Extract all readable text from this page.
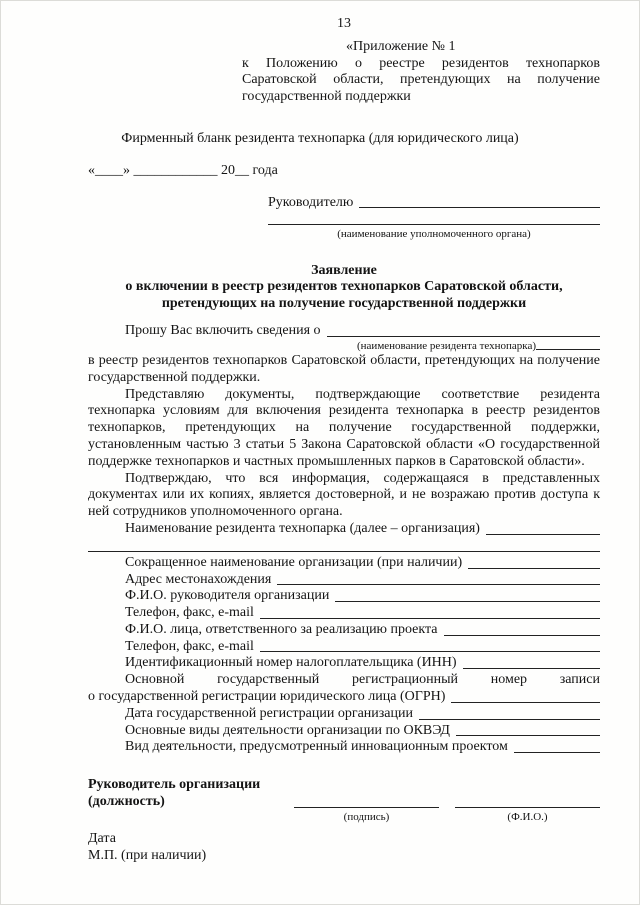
13
«Приложение № 1
к Положению о реестре резидентов технопарков Саратовской области, претендующих на получение государственной поддержки
Фирменный бланк резидента технопарка (для юридического лица)
«____» ____________ 20__ года
Руководителю
(наименование уполномоченного органа)
Заявление
о включении в реестр резидентов технопарков Саратовской области, претендующих на получение государственной поддержки
Прошу Вас включить сведения о
(наименование резидента технопарка)
в реестр резидентов технопарков Саратовской области, претендующих на получение государственной поддержки.
Представляю документы, подтверждающие соответствие резидента технопарка условиям для включения резидента технопарка в реестр резидентов технопарков, претендующих на получение государственной поддержки, установленным частью 3 статьи 5 Закона Саратовской области «О государственной поддержке технопарков и частных промышленных парков в Саратовской области».
Подтверждаю, что вся информация, содержащаяся в представленных документах или их копиях, является достоверной, и не возражаю против доступа к ней сотрудников уполномоченного органа.
Наименование резидента технопарка (далее – организация)
Сокращенное наименование организации (при наличии)
Адрес местонахождения
Ф.И.О. руководителя организации
Телефон, факс, e-mail
Ф.И.О. лица, ответственного за реализацию проекта
Телефон, факс, e-mail
Идентификационный номер налогоплательщика (ИНН)
Основной государственный регистрационный номер записи
о государственной регистрации юридического лица (ОГРН)
Дата государственной регистрации организации
Основные виды деятельности организации по ОКВЭД
Вид деятельности, предусмотренный инновационным проектом
Руководитель организации
(должность)
(подпись)	(Ф.И.О.)
Дата
М.П. (при наличии)
